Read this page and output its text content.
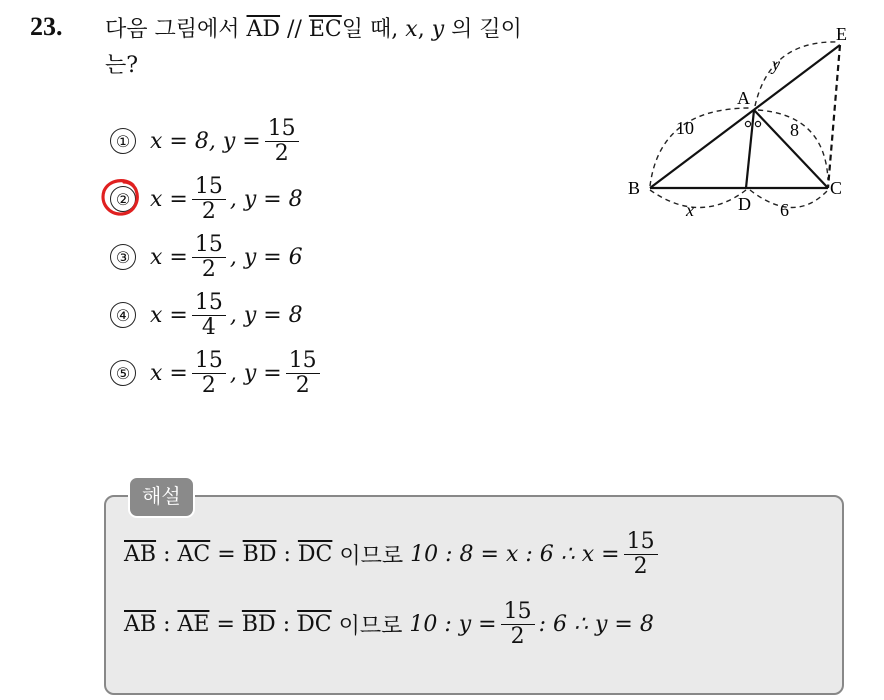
23. 다음 그림에서 $\overline{AD} // \overline{EC}$일 때, x, y 의 길이
는?
① x = 8,
$y = \frac{15}{2}$
② $x = \frac{15}{2}$ , y = 8
③ $x = \frac{15}{2}$ , y = 6
④ $x = \frac{15}{4}$ , y = 8
⑤ $x = \frac{15}{2}$ , $y = \frac{15}{2}$
A
B	C
D
E
10	8
x	6
y
해설
$\overline{AB}$
:
$\overline{AC}$
=
$\overline{BD}$
:
$\overline{DC}$
이므로
10 : 8 = x : 6 ∴ $x = \frac{15}{2}$
$\overline{AB}$
:
$\overline{AE}$
=
$\overline{BD}$
:
$\overline{DC}$
이므로
10 : $y = \frac{15}{2}$ : 6 ∴ y = 8
